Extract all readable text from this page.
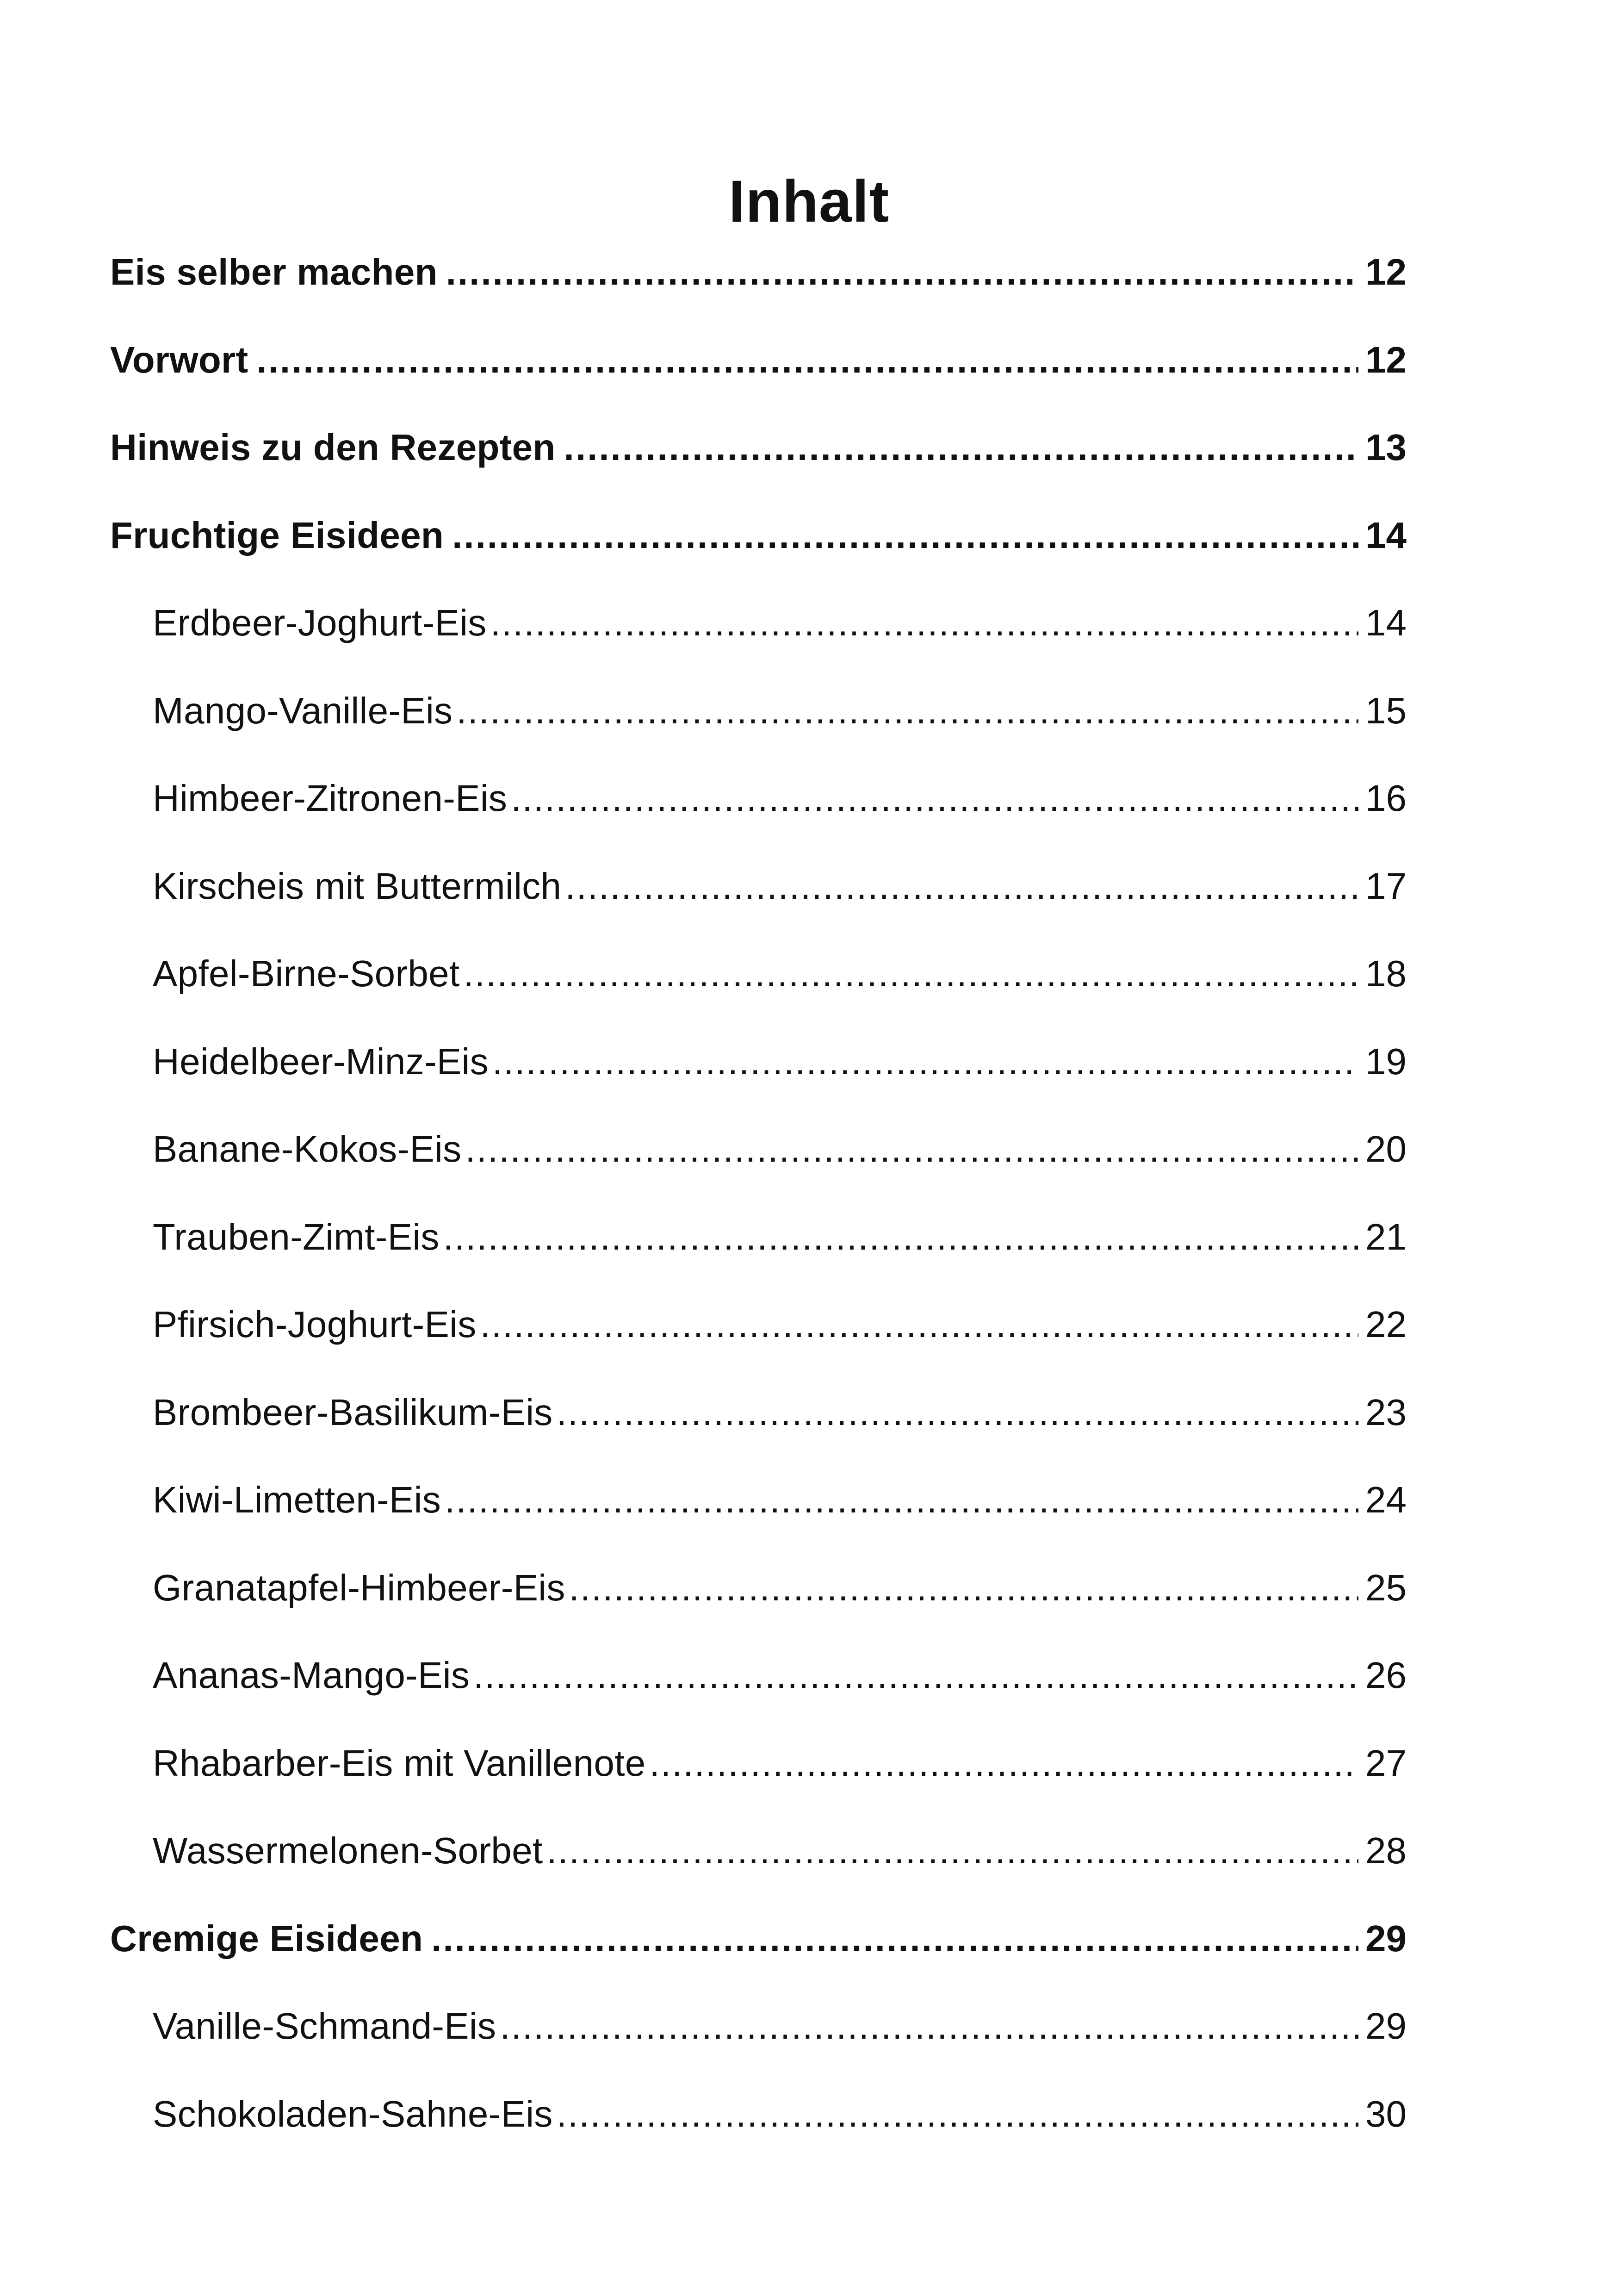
Inhalt
Eis selber machen .....	12
Vorwort .....	12
Hinweis zu den Rezepten .....	13
Fruchtige Eisideen .....	14
Erdbeer-Joghurt-Eis .....	14
Mango-Vanille-Eis .....	15
Himbeer-Zitronen-Eis .....	16
Kirscheis mit Buttermilch .....	17
Apfel-Birne-Sorbet .....	18
Heidelbeer-Minz-Eis .....	19
Banane-Kokos-Eis .....	20
Trauben-Zimt-Eis .....	21
Pfirsich-Joghurt-Eis .....	22
Brombeer-Basilikum-Eis .....	23
Kiwi-Limetten-Eis .....	24
Granatapfel-Himbeer-Eis .....	25
Ananas-Mango-Eis .....	26
Rhabarber-Eis mit Vanillenote .....	27
Wassermelonen-Sorbet .....	28
Cremige Eisideen .....	29
Vanille-Schmand-Eis .....	29
Schokoladen-Sahne-Eis .....	30
